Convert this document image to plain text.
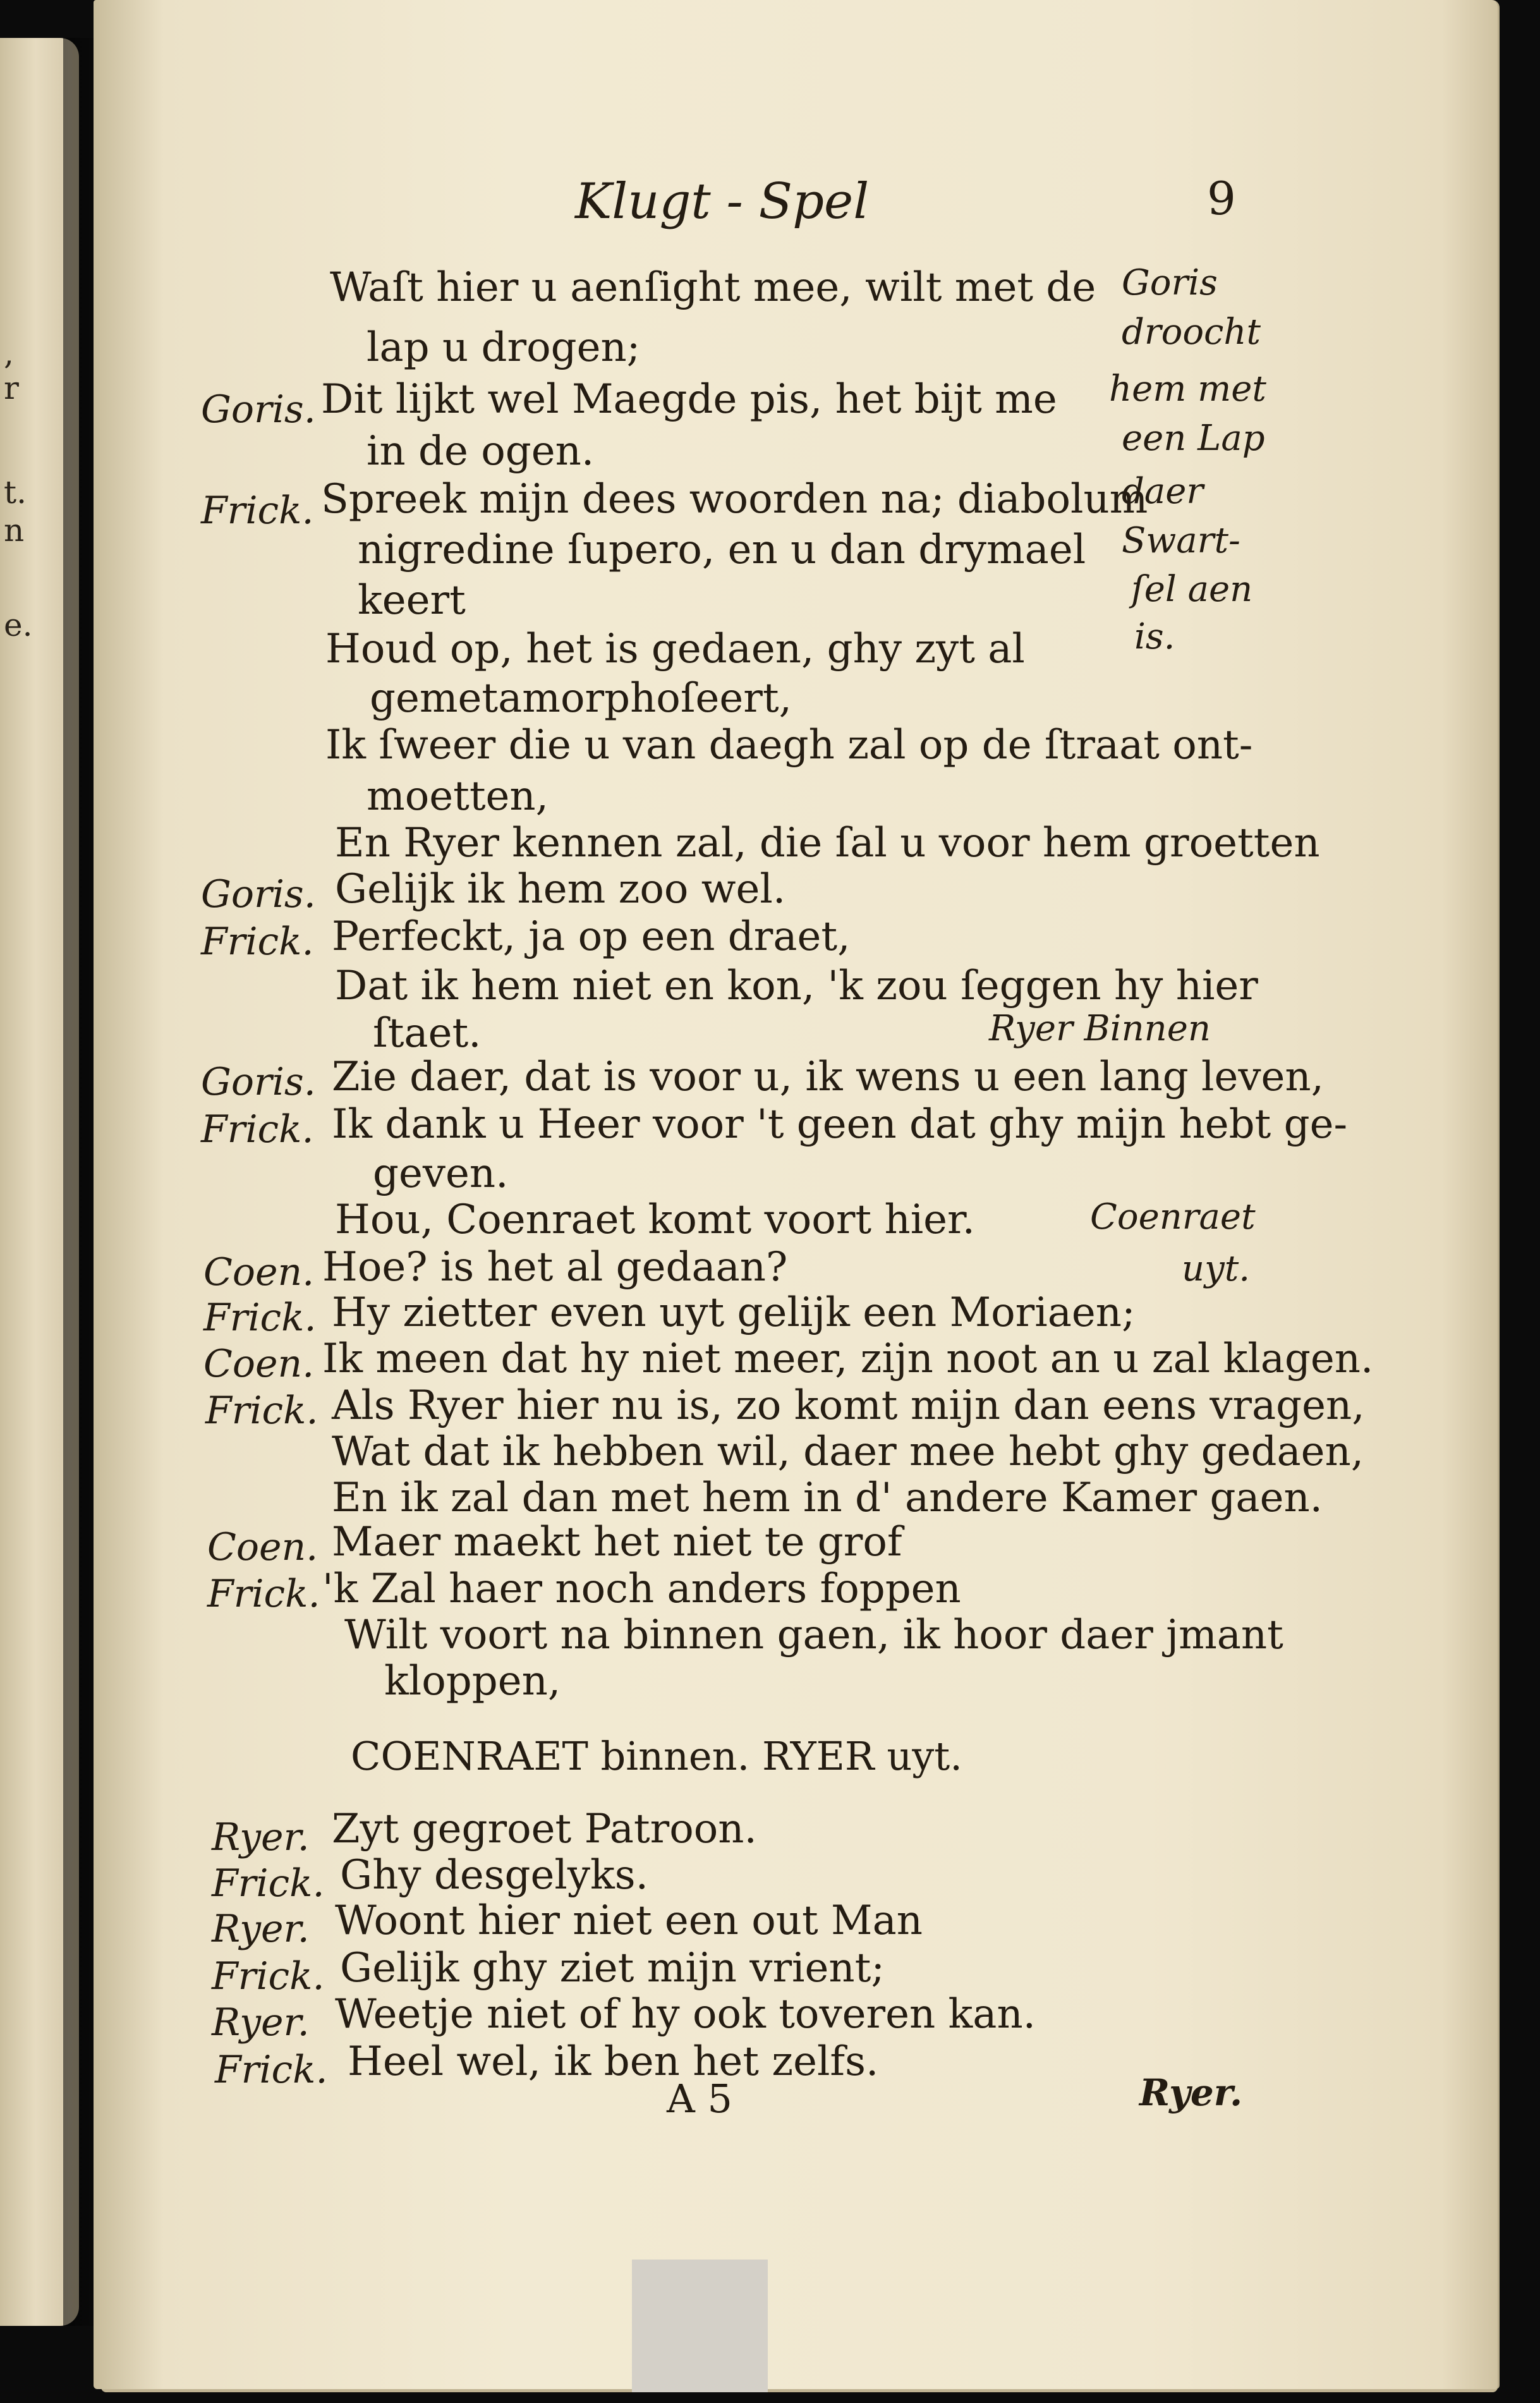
,
r
t.
n
e.
Klugt - Spel	9
Waſt hier u aenſight mee, wilt met de
lap u drogen;
Goris. Dit lijkt wel Maegde pis, het bijt me
in de ogen.
Frick. Spreek mijn dees woorden na; diabolum
nigredine ſupero, en u dan drymael
keert
Houd op, het is gedaen, ghy zyt al
gemetamorphoſeert,
Ik ſweer die u van daegh zal op de ſtraat ont-
moetten,
En Ryer kennen zal, die ſal u voor hem groetten
Goris. Gelijk ik hem zoo wel.
Frick. Perfeckt, ja op een draet,
Dat ik hem niet en kon, 'k zou ſeggen hy hier
ſtaet.
Goris. Zie daer, dat is voor u, ik wens u een lang leven,
Frick. Ik dank u Heer voor 't geen dat ghy mijn hebt ge-
geven.
Hou, Coenraet komt voort hier.
Coen. Hoe? is het al gedaan?
Frick. Hy zietter even uyt gelijk een Moriaen;
Coen. Ik meen dat hy niet meer, zijn noot an u zal klagen.
Frick. Als Ryer hier nu is, zo komt mijn dan eens vragen,
Wat dat ik hebben wil, daer mee hebt ghy gedaen,
En ik zal dan met hem in d' andere Kamer gaen.
Coen. Maer maekt het niet te grof
Frick. 'k Zal haer noch anders foppen
Wilt voort na binnen gaen, ik hoor daer jmant
kloppen,
Goris
droocht
hem met
een Lap
daer
Swart-
ſel aen
is.
Ryer Binnen
Coenraet
uyt.
COENRAET binnen. RYER uyt.
Ryer. Zyt gegroet Patroon.
Frick. Ghy desgelyks.
Ryer. Woont hier niet een out Man
Frick. Gelijk ghy ziet mijn vrient;
Ryer. Weetje niet of hy ook toveren kan.
Frick. Heel wel, ik ben het zelfs.
A 5	Ryer.
